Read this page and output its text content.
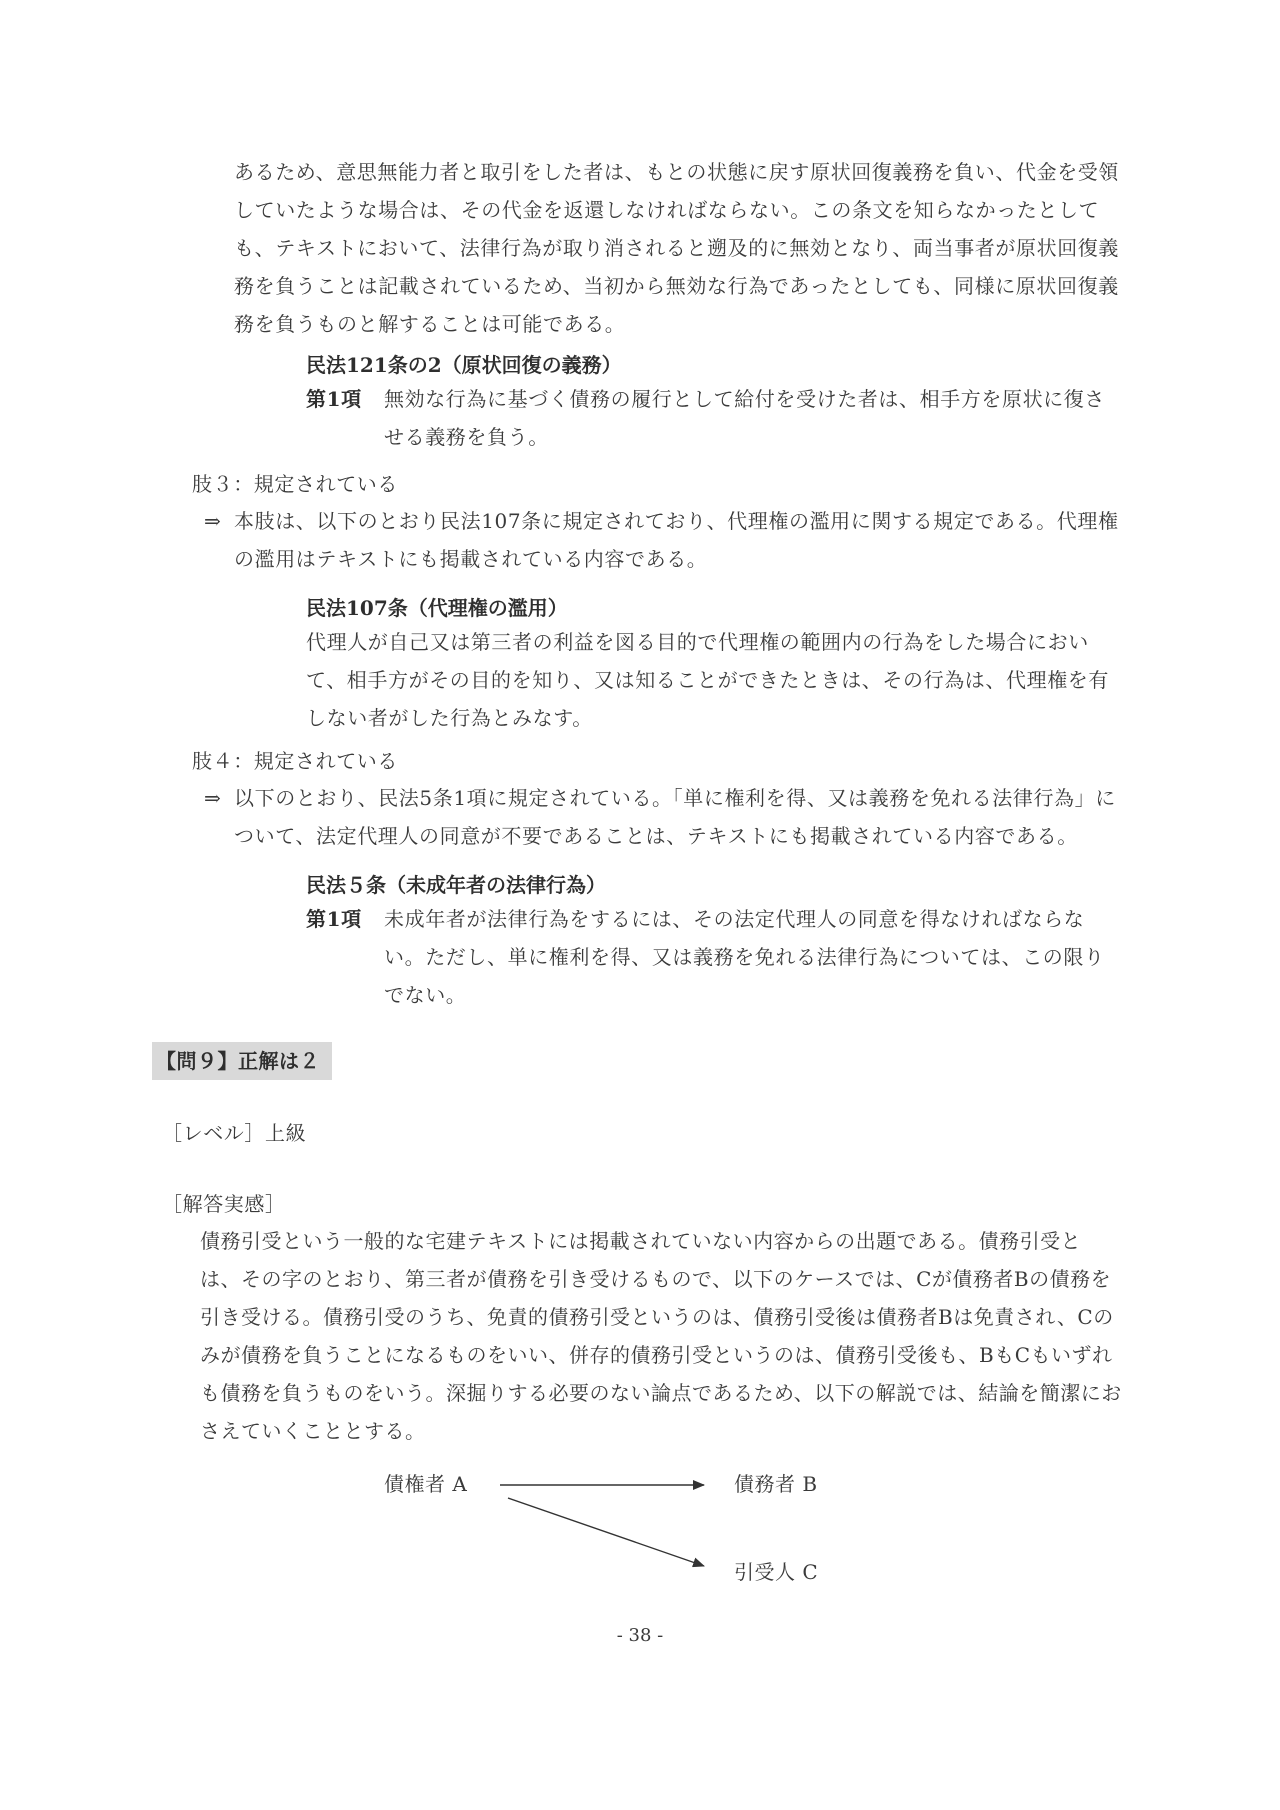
あるため、意思無能力者と取引をした者は、もとの状態に戻す原状回復義務を負い、代金を受領していたような場合は、その代金を返還しなければならない。この条文を知らなかったとしても、テキストにおいて、法律行為が取り消されると遡及的に無効となり、両当事者が原状回復義務を負うことは記載されているため、当初から無効な行為であったとしても、同様に原状回復義務を負うものと解することは可能である。
民法121条の2（原状回復の義務）
第1項	無効な行為に基づく債務の履行として給付を受けた者は、相手方を原状に復させる義務を負う。
肢３：規定されている
⇒ 本肢は、以下のとおり民法107条に規定されており、代理権の濫用に関する規定である。代理権の濫用はテキストにも掲載されている内容である。
民法107条（代理権の濫用）
代理人が自己又は第三者の利益を図る目的で代理権の範囲内の行為をした場合において、相手方がその目的を知り、又は知ることができたときは、その行為は、代理権を有しない者がした行為とみなす。
肢４：規定されている
⇒ 以下のとおり、民法5条1項に規定されている。「単に権利を得、又は義務を免れる法律行為」について、法定代理人の同意が不要であることは、テキストにも掲載されている内容である。
民法５条（未成年者の法律行為）
第1項	未成年者が法律行為をするには、その法定代理人の同意を得なければならない。ただし、単に権利を得、又は義務を免れる法律行為については、この限りでない。
【問９】正解は２
［レベル］上級
［解答実感］
債務引受という一般的な宅建テキストには掲載されていない内容からの出題である。債務引受とは、その字のとおり、第三者が債務を引き受けるもので、以下のケースでは、Cが債務者Bの債務を引き受ける。債務引受のうち、免責的債務引受というのは、債務引受後は債務者Bは免責され、Cのみが債務を負うことになるものをいい、併存的債務引受というのは、債務引受後も、BもCもいずれも債務を負うものをいう。深掘りする必要のない論点であるため、以下の解説では、結論を簡潔におさえていくこととする。
債権者 A	債務者 B
引受人 C
- 38 -
